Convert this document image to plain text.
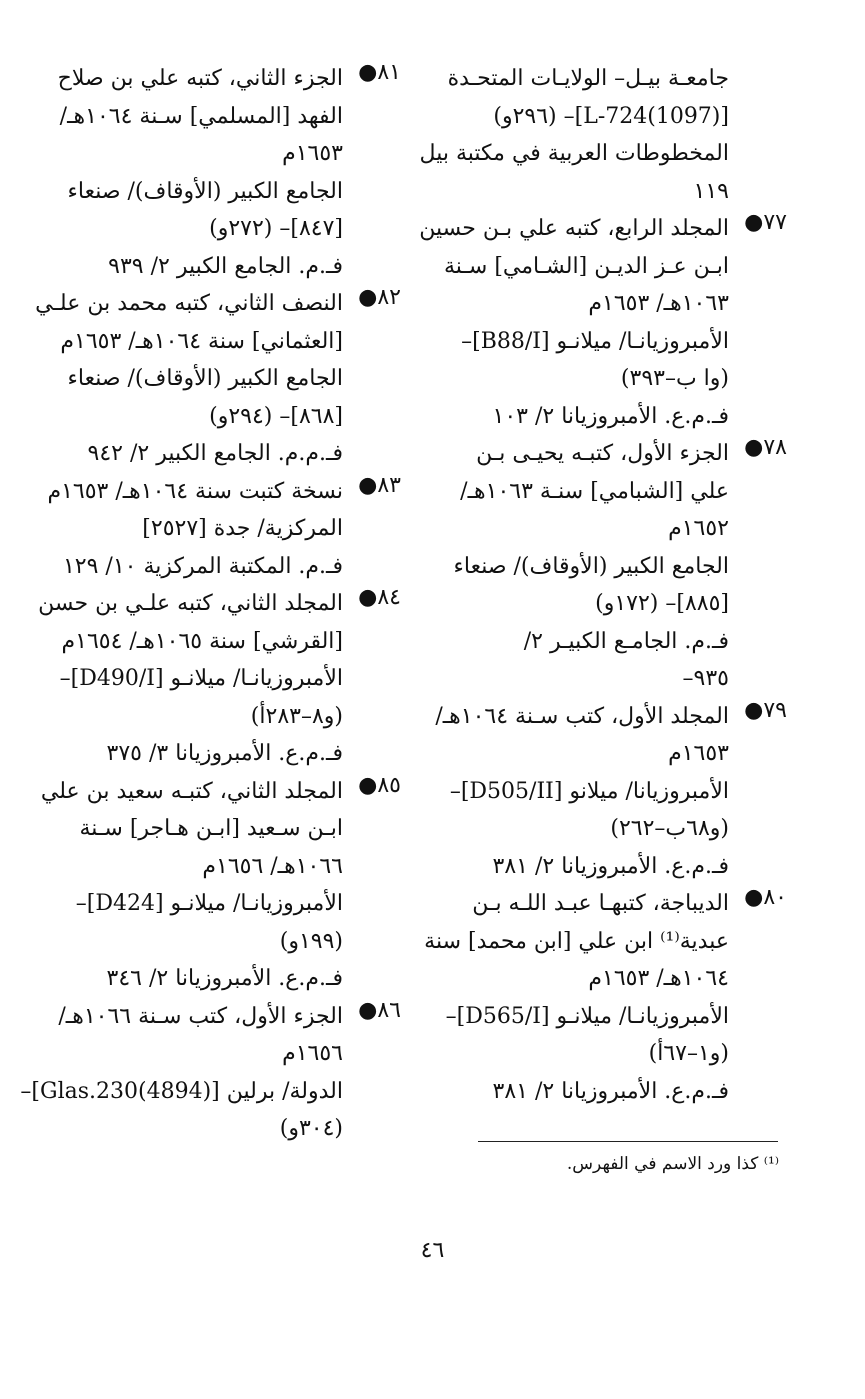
جامعـة بيـل– الولايـات المتحـدة
[L-724(1097)]– (٢٩٦و)
المخطوطات العربية في مكتبة بيل
١١٩
٧٧●
المجلد الرابع، كتبه علي بـن حسين
ابـن عـز الديـن [الشـامي] سـنة
١٠٦٣هـ/ ١٦٥٣م
الأمبروزيانـا/ ميلانـو [B88/I]–
(وا ب–٣٩٣)
فـ.م.ع. الأمبروزيانا ٢/ ١٠٣
٧٨●
الجزء الأول، كتبـه يحيـى بـن
علي [الشبامي] سنـة ١٠٦٣هـ/
١٦٥٢م
الجامع الكبير (الأوقاف)/ صنعاء
[٨٨٥]– (١٧٢و)
فـ.م. الجامـع الكبيـر ٢/
٩٣٥–
٧٩●
المجلد الأول، كتب سـنة ١٠٦٤هـ/
١٦٥٣م
الأمبروزيانا/ ميلانو [D505/II]–
(و٦٨ب–٢٦٢)
فـ.م.ع. الأمبروزيانا ٢/ ٣٨١
٨٠●
الديباجة، كتبهـا عبـد اللـه بـن
عبدية⁽¹⁾ ابن علي [ابن محمد] سنة
١٠٦٤هـ/ ١٦٥٣م
الأمبروزيانـا/ ميلانـو [D565/I]–
(و١–٦٧أ)
فـ.م.ع. الأمبروزيانا ٢/ ٣٨١
٨١●
الجزء الثاني، كتبه علي بن صلاح
الفهد [المسلمي] سـنة ١٠٦٤هـ/
١٦٥٣م
الجامع الكبير (الأوقاف)/ صنعاء
[٨٤٧]– (٢٧٢و)
فـ.م. الجامع الكبير ٢/ ٩٣٩
٨٢●
النصف الثاني، كتبه محمد بن علـي
[العثماني] سنة ١٠٦٤هـ/ ١٦٥٣م
الجامع الكبير (الأوقاف)/ صنعاء
[٨٦٨]– (٢٩٤و)
فـ.م.م. الجامع الكبير ٢/ ٩٤٢
٨٣●
نسخة كتبت سنة ١٠٦٤هـ/ ١٦٥٣م
المركزية/ جدة [٢٥٢٧]
فـ.م. المكتبة المركزية ١٠/ ١٢٩
٨٤●
المجلد الثاني، كتبه علـي بن حسن
[القرشي] سنة ١٠٦٥هـ/ ١٦٥٤م
الأمبروزيانـا/ ميلانـو [D490/I]–
(و٨–٢٨٣أ)
فـ.م.ع. الأمبروزيانا ٣/ ٣٧٥
٨٥●
المجلد الثاني، كتبـه سعيد بن علي
ابـن سـعيد [ابـن هـاجر] سـنة
١٠٦٦هـ/ ١٦٥٦م
الأمبروزيانـا/ ميلانـو [D424]–
(١٩٩و)
فـ.م.ع. الأمبروزيانا ٢/ ٣٤٦
٨٦●
الجزء الأول، كتب سـنة ١٠٦٦هـ/
١٦٥٦م
الدولة/ برلين [Glas.230(4894)]–
(٣٠٤و)
⁽¹⁾ كذا ورد الاسم في الفهرس.
٤٦
